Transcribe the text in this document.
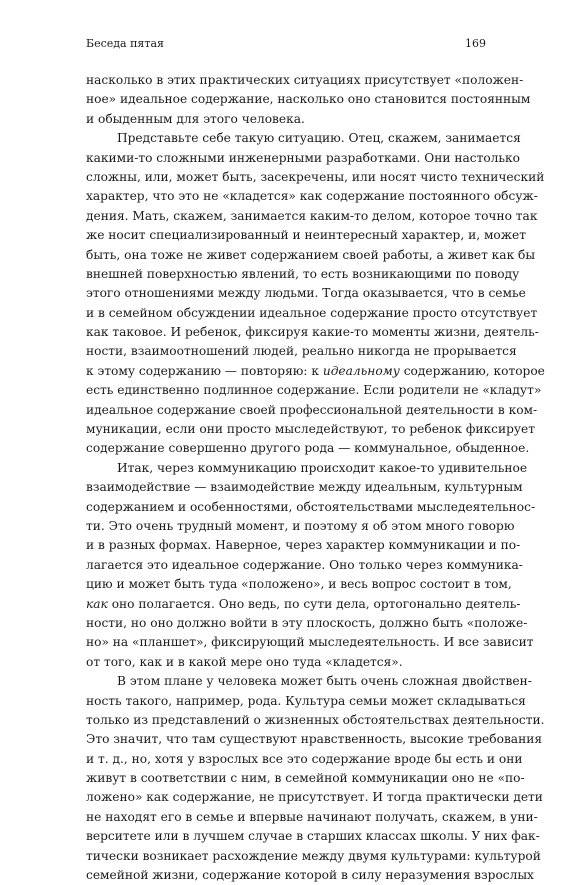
Беседа пятая	169
насколько в этих практических ситуациях присутствует «положен-
ное» идеальное содержание, насколько оно становится постоянным
и обыденным для этого человека.
Представьте себе такую ситуацию. Отец, скажем, занимается
какими-то сложными инженерными разработками. Они настолько
сложны, или, может быть, засекречены, или носят чисто технический
характер, что это не «кладется» как содержание постоянного обсуж-
дения. Мать, скажем, занимается каким-то делом, которое точно так
же носит специализированный и неинтересный характер, и, может
быть, она тоже не живет содержанием своей работы, а живет как бы
внешней поверхностью явлений, то есть возникающими по поводу
этого отношениями между людьми. Тогда оказывается, что в семье
и в семейном обсуждении идеальное содержание просто отсутствует
как таковое. И ребенок, фиксируя какие-то моменты жизни, деятель-
ности, взаимоотношений людей, реально никогда не прорывается
к этому содержанию — повторяю: к идеальному содержанию, которое
есть единственно подлинное содержание. Если родители не «кладут»
идеальное содержание своей профессиональной деятельности в ком-
муникации, если они просто мыследействуют, то ребенок фиксирует
содержание совершенно другого рода — коммунальное, обыденное.
Итак, через коммуникацию происходит какое-то удивительное
взаимодействие — взаимодействие между идеальным, культурным
содержанием и особенностями, обстоятельствами мыследеятельнос-
ти. Это очень трудный момент, и поэтому я об этом много говорю
и в разных формах. Наверное, через характер коммуникации и по-
лагается это идеальное содержание. Оно только через коммуника-
цию и может быть туда «положено», и весь вопрос состоит в том,
как оно полагается. Оно ведь, по сути дела, ортогонально деятель-
ности, но оно должно войти в эту плоскость, должно быть «положе-
но» на «планшет», фиксирующий мыследеятельность. И все зависит
от того, как и в какой мере оно туда «кладется».
В этом плане у человека может быть очень сложная двойствен-
ность такого, например, рода. Культура семьи может складываться
только из представлений о жизненных обстоятельствах деятельности.
Это значит, что там существуют нравственность, высокие требования
и т. д., но, хотя у взрослых все это содержание вроде бы есть и они
живут в соответствии с ним, в семейной коммуникации оно не «по-
ложено» как содержание, не присутствует. И тогда практически дети
не находят его в семье и впервые начинают получать, скажем, в уни-
верситете или в лучшем случае в старших классах школы. У них фак-
тически возникает расхождение между двумя культурами: культурой
семейной жизни, содержание которой в силу неразумения взрослых
